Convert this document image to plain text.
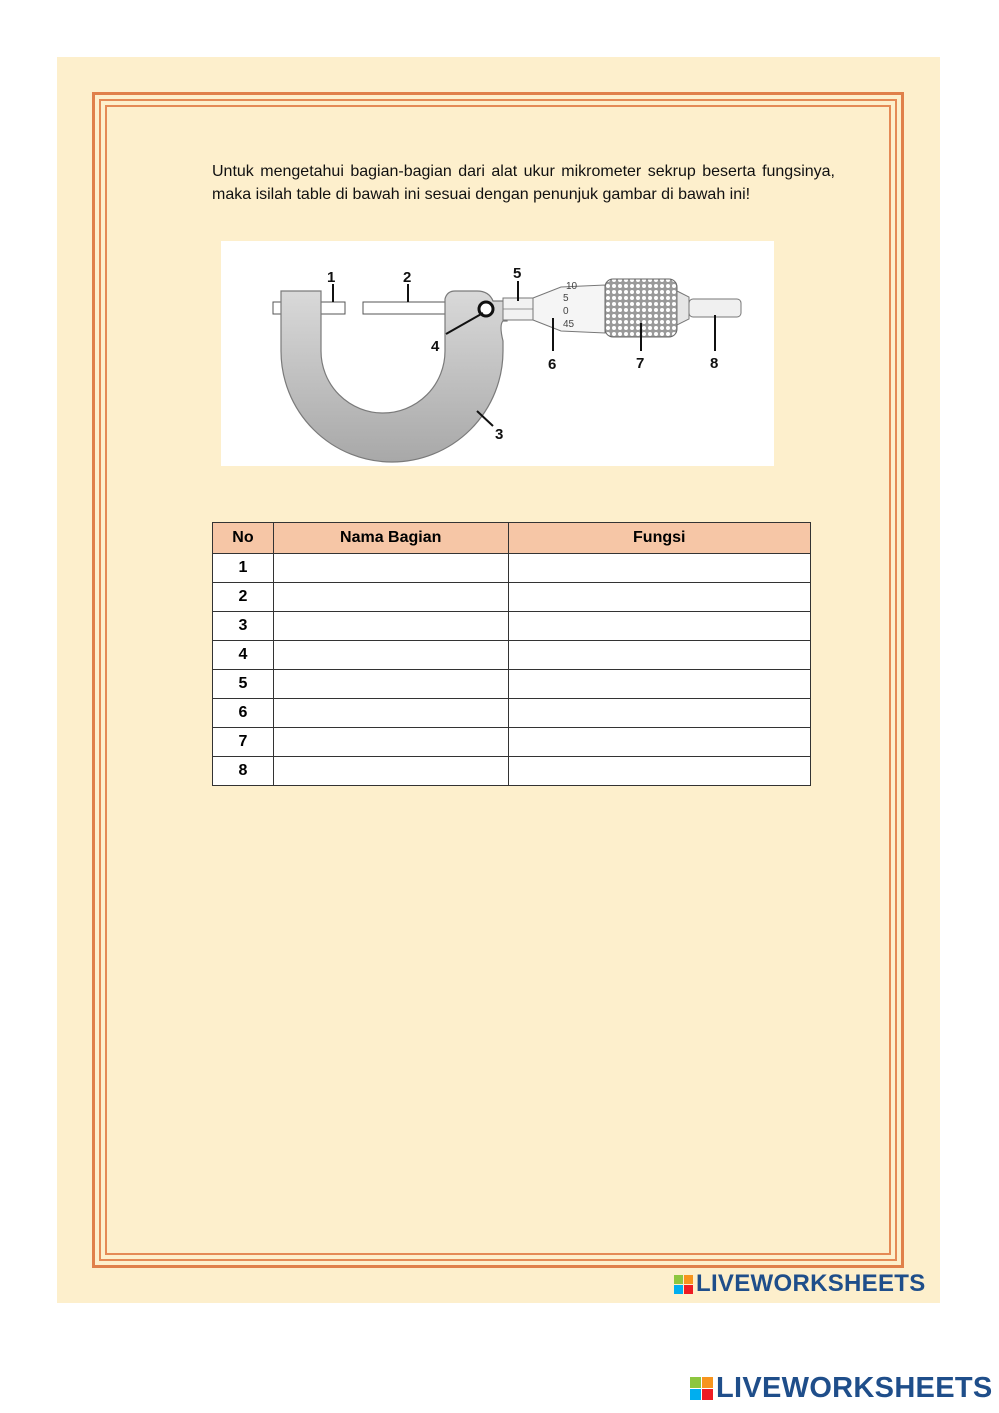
Untuk mengetahui bagian-bagian dari alat ukur mikrometer sekrup beserta fungsinya, maka isilah table di bawah ini sesuai dengan penunjuk gambar di bawah ini!

10
5
0
45
1	2
3
4
5
6	7	8
No	Nama Bagian	Fungsi
1		
2		
3		
4		
5		
6		
7		
8		
LIVEWORKSHEETS
LIVEWORKSHEETS
